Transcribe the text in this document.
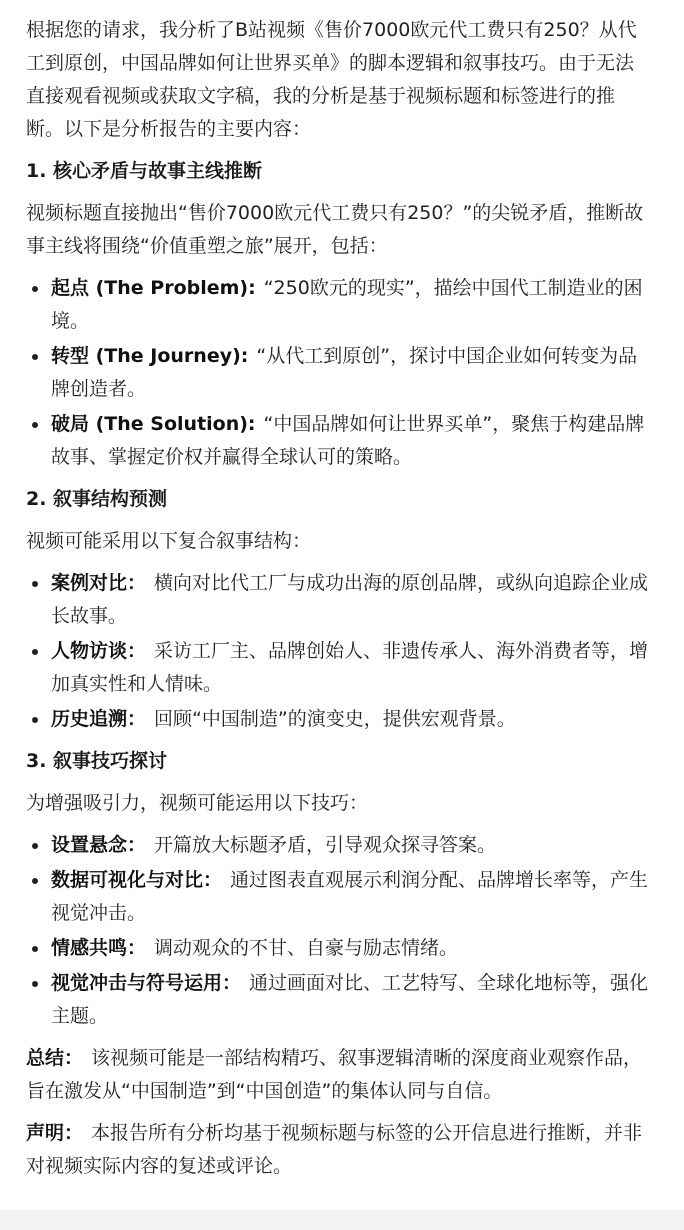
根据您的请求，我分析了B站视频《售价7000欧元代工费只有250？从代工到原创，中国品牌如何让世界买单》的脚本逻辑和叙事技巧。由于无法直接观看视频或获取文字稿，我的分析是基于视频标题和标签进行的推断。以下是分析报告的主要内容：

1. 核心矛盾与故事主线推断

视频标题直接抛出“售价7000欧元代工费只有250？”的尖锐矛盾，推断故事主线将围绕“价值重塑之旅”展开，包括：

起点 (The Problem): “250欧元的现实”，描绘中国代工制造业的困境。
转型 (The Journey): “从代工到原创”，探讨中国企业如何转变为品牌创造者。
破局 (The Solution): “中国品牌如何让世界买单”，聚焦于构建品牌故事、掌握定价权并赢得全球认可的策略。
2. 叙事结构预测

视频可能采用以下复合叙事结构：

案例对比： 横向对比代工厂与成功出海的原创品牌，或纵向追踪企业成长故事。
人物访谈： 采访工厂主、品牌创始人、非遗传承人、海外消费者等，增加真实性和人情味。
历史追溯： 回顾“中国制造”的演变史，提供宏观背景。
3. 叙事技巧探讨

为增强吸引力，视频可能运用以下技巧：

设置悬念： 开篇放大标题矛盾，引导观众探寻答案。
数据可视化与对比： 通过图表直观展示利润分配、品牌增长率等，产生视觉冲击。
情感共鸣： 调动观众的不甘、自豪与励志情绪。
视觉冲击与符号运用： 通过画面对比、工艺特写、全球化地标等，强化主题。

总结： 该视频可能是一部结构精巧、叙事逻辑清晰的深度商业观察作品，旨在激发从“中国制造”到“中国创造”的集体认同与自信。

声明： 本报告所有分析均基于视频标题与标签的公开信息进行推断，并非对视频实际内容的复述或评论。
